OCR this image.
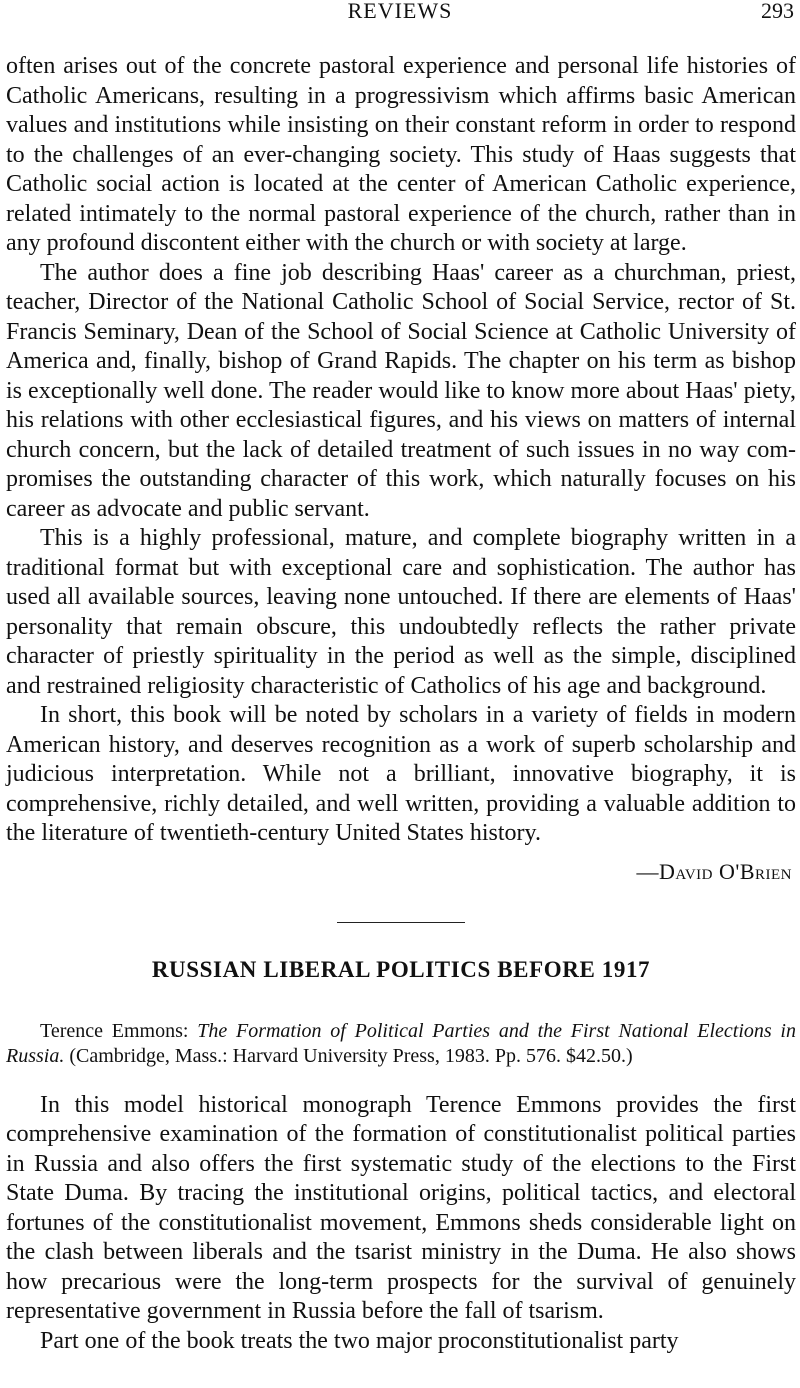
REVIEWS	293

often arises out of the concrete pastoral experience and personal life histories of Catholic Americans, resulting in a progressivism which affirms basic American values and institutions while insisting on their constant reform in order to respond to the challenges of an ever-changing society. This study of Haas suggests that Catholic social action is located at the center of American Catholic experience, related intimately to the normal pastoral experience of the church, rather than in any profound discontent either with the church or with society at large.

The author does a fine job describing Haas' career as a churchman, priest, teacher, Director of the National Catholic School of Social Service, rector of St. Francis Seminary, Dean of the School of Social Science at Catholic University of America and, finally, bishop of Grand Rapids. The chapter on his term as bishop is exceptionally well done. The reader would like to know more about Haas' piety, his relations with other ecclesiastical figures, and his views on matters of internal church concern, but the lack of detailed treatment of such issues in no way compromises the outstanding character of this work, which naturally focuses on his career as advocate and public servant.

This is a highly professional, mature, and complete biography written in a traditional format but with exceptional care and sophistication. The author has used all available sources, leaving none untouched. If there are elements of Haas' personality that remain obscure, this undoubtedly reflects the rather private character of priestly spirituality in the period as well as the simple, disciplined and restrained religiosity characteristic of Catholics of his age and background.

In short, this book will be noted by scholars in a variety of fields in modern American history, and deserves recognition as a work of superb scholarship and judicious interpretation. While not a brilliant, innovative biography, it is comprehensive, richly detailed, and well written, providing a valuable addition to the literature of twentieth-century United States history.

—David O'Brien
RUSSIAN LIBERAL POLITICS BEFORE 1917

Terence Emmons: The Formation of Political Parties and the First National Elections in Russia. (Cambridge, Mass.: Harvard University Press, 1983. Pp. 576. $42.50.)

In this model historical monograph Terence Emmons provides the first comprehensive examination of the formation of constitutionalist political parties in Russia and also offers the first systematic study of the elections to the First State Duma. By tracing the institutional origins, political tactics, and electoral fortunes of the constitutionalist movement, Emmons sheds considerable light on the clash between liberals and the tsarist ministry in the Duma. He also shows how precarious were the long-term prospects for the survival of genuinely representative government in Russia before the fall of tsarism.

Part one of the book treats the two major proconstitutionalist party
